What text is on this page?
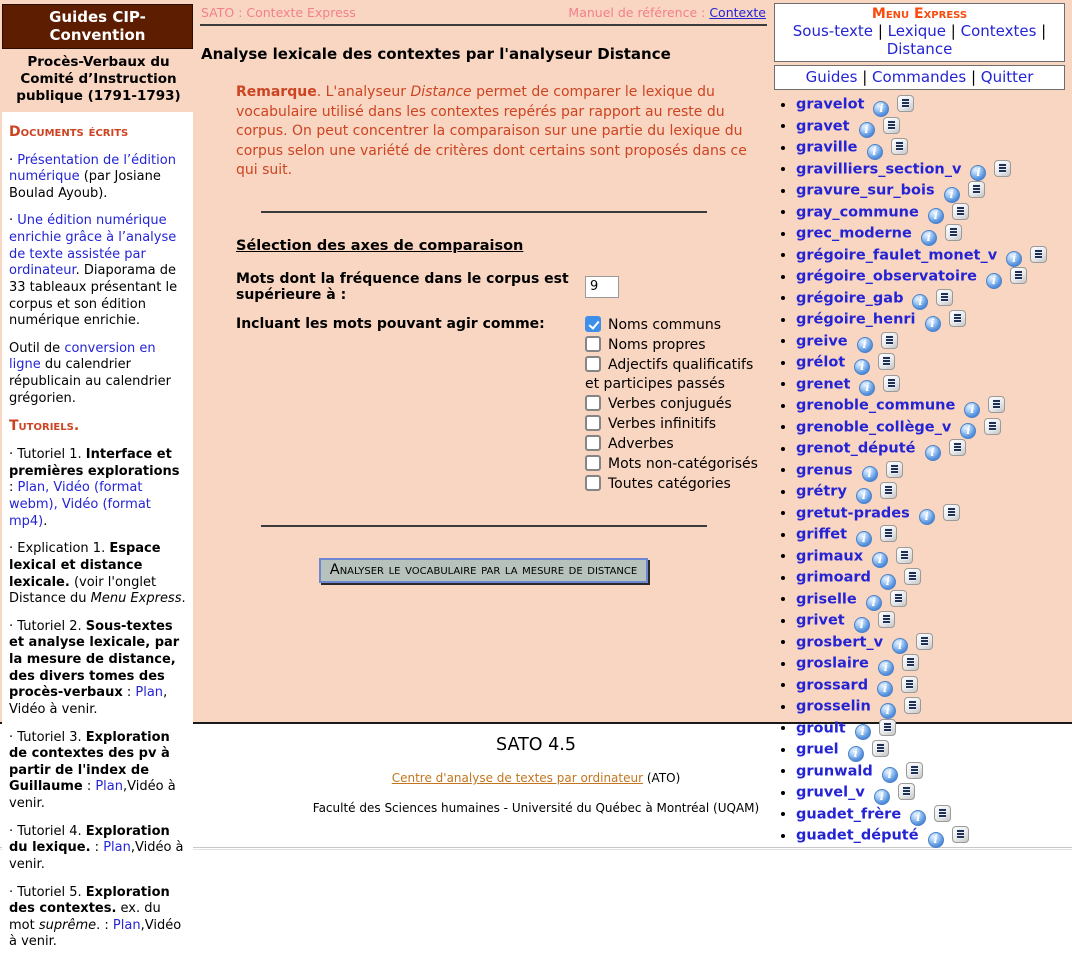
Guides CIP-Convention
Procès-Verbaux du Comité d’Instruction publique (1791-1793)
Documents écrits

· Présentation de l’édition numérique (par Josiane Boulad Ayoub).

· Une édition numérique enrichie grâce à l’analyse de texte assistée par ordinateur. Diaporama de 33 tableaux présentant le corpus et son édition numérique enrichie.

Outil de conversion en ligne du calendrier républicain au calendrier grégorien.

Tutoriels.

· Tutoriel 1. Interface et premières explorations : Plan, Vidéo (format webm), Vidéo (format mp4).

· Explication 1. Espace lexical et distance lexicale. (voir l'onglet Distance du Menu Express.

· Tutoriel 2. Sous-textes et analyse lexicale, par la mesure de distance, des divers tomes des procès-verbaux : Plan, Vidéo à venir.

· Tutoriel 3. Exploration de contextes des pv à partir de l'index de Guillaume : Plan,Vidéo à venir.

· Tutoriel 4. Exploration du lexique. : Plan,Vidéo à venir.

· Tutoriel 5. Exploration des contextes. ex. du mot suprême. : Plan,Vidéo à venir.

SATO : Contexte Express	Manuel de référence : Contexte
Analyse lexicale des contextes par l'analyseur Distance

Remarque. L'analyseur Distance permet de comparer le lexique du vocabulaire utilisé dans les contextes repérés par rapport au reste du corpus. On peut concentrer la comparaison sur une partie du lexique du corpus selon une variété de critères dont certains sont proposés dans ce qui suit.

Sélection des axes de comparaison
Mots dont la fréquence dans le corpus est supérieure à :
9
Incluant les mots pouvant agir comme:	Noms communs
Noms propres
Adjectifs qualificatifs et participes passés
Verbes conjugués
Verbes infinitifs
Adverbes
Mots non-catégorisés
Toutes catégories
Analyser le vocabulaire par la mesure de distance
Menu Express
Sous-texte | Lexique | Contextes | Distance
Guides | Commandes | Quitter
• graveloti
• graveti
• gravillei
• gravilliers_section_vi
• gravure_sur_boisi
• gray_communei
• grec_modernei
• grégoire_faulet_monet_vi
• grégoire_observatoirei
• grégoire_gabi
• grégoire_henrii
• greivei
• gréloti
• greneti
• grenoble_communei
• grenoble_collège_vi
• grenot_députéi
• grenusi
• grétryi
• gretut-pradesi
• griffeti
• grimauxi
• grimoardi
• grisellei
• griveti
• grosbert_vi
• groslairei
• grossardi
• grosselini
• groulti
• grueli
• grunwaldi
• gruvel_vi
• guadet_frèrei
• guadet_députéi
SATO 4.5
Centre d'analyse de textes par ordinateur (ATO)
Faculté des Sciences humaines - Université du Québec à Montréal (UQAM)
